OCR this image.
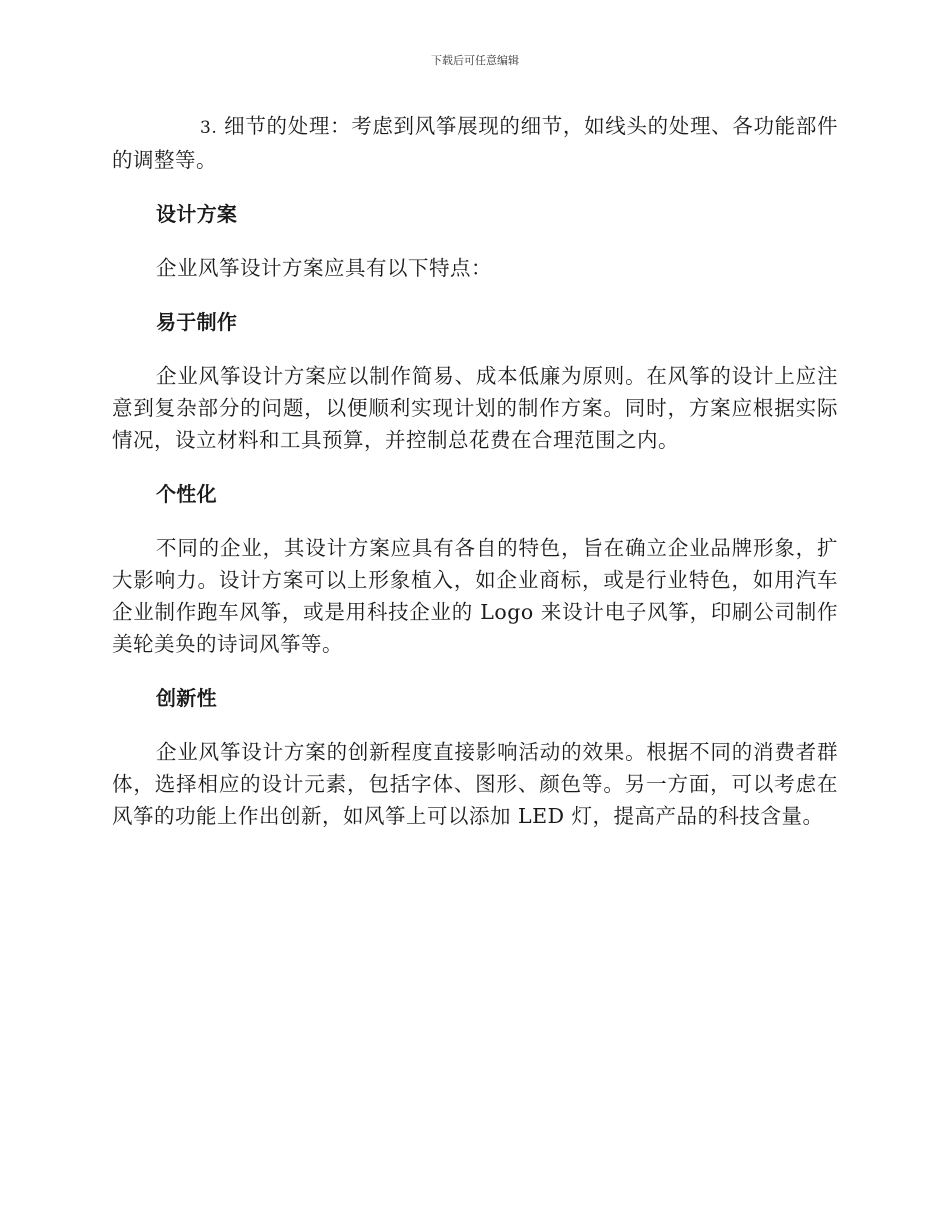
下载后可任意编辑

3. 细节的处理：考虑到风筝展现的细节，如线头的处理、各功能部件的调整等。

设计方案

企业风筝设计方案应具有以下特点：

易于制作

企业风筝设计方案应以制作简易、成本低廉为原则。在风筝的设计上应注意到复杂部分的问题，以便顺利实现计划的制作方案。同时，方案应根据实际情况，设立材料和工具预算，并控制总花费在合理范围之内。

个性化

不同的企业，其设计方案应具有各自的特色，旨在确立企业品牌形象，扩大影响力。设计方案可以上形象植入，如企业商标，或是行业特色，如用汽车企业制作跑车风筝，或是用科技企业的 Logo 来设计电子风筝，印刷公司制作美轮美奂的诗词风筝等。

创新性

企业风筝设计方案的创新程度直接影响活动的效果。根据不同的消费者群体，选择相应的设计元素，包括字体、图形、颜色等。另一方面，可以考虑在风筝的功能上作出创新，如风筝上可以添加 LED 灯，提高产品的科技含量。
